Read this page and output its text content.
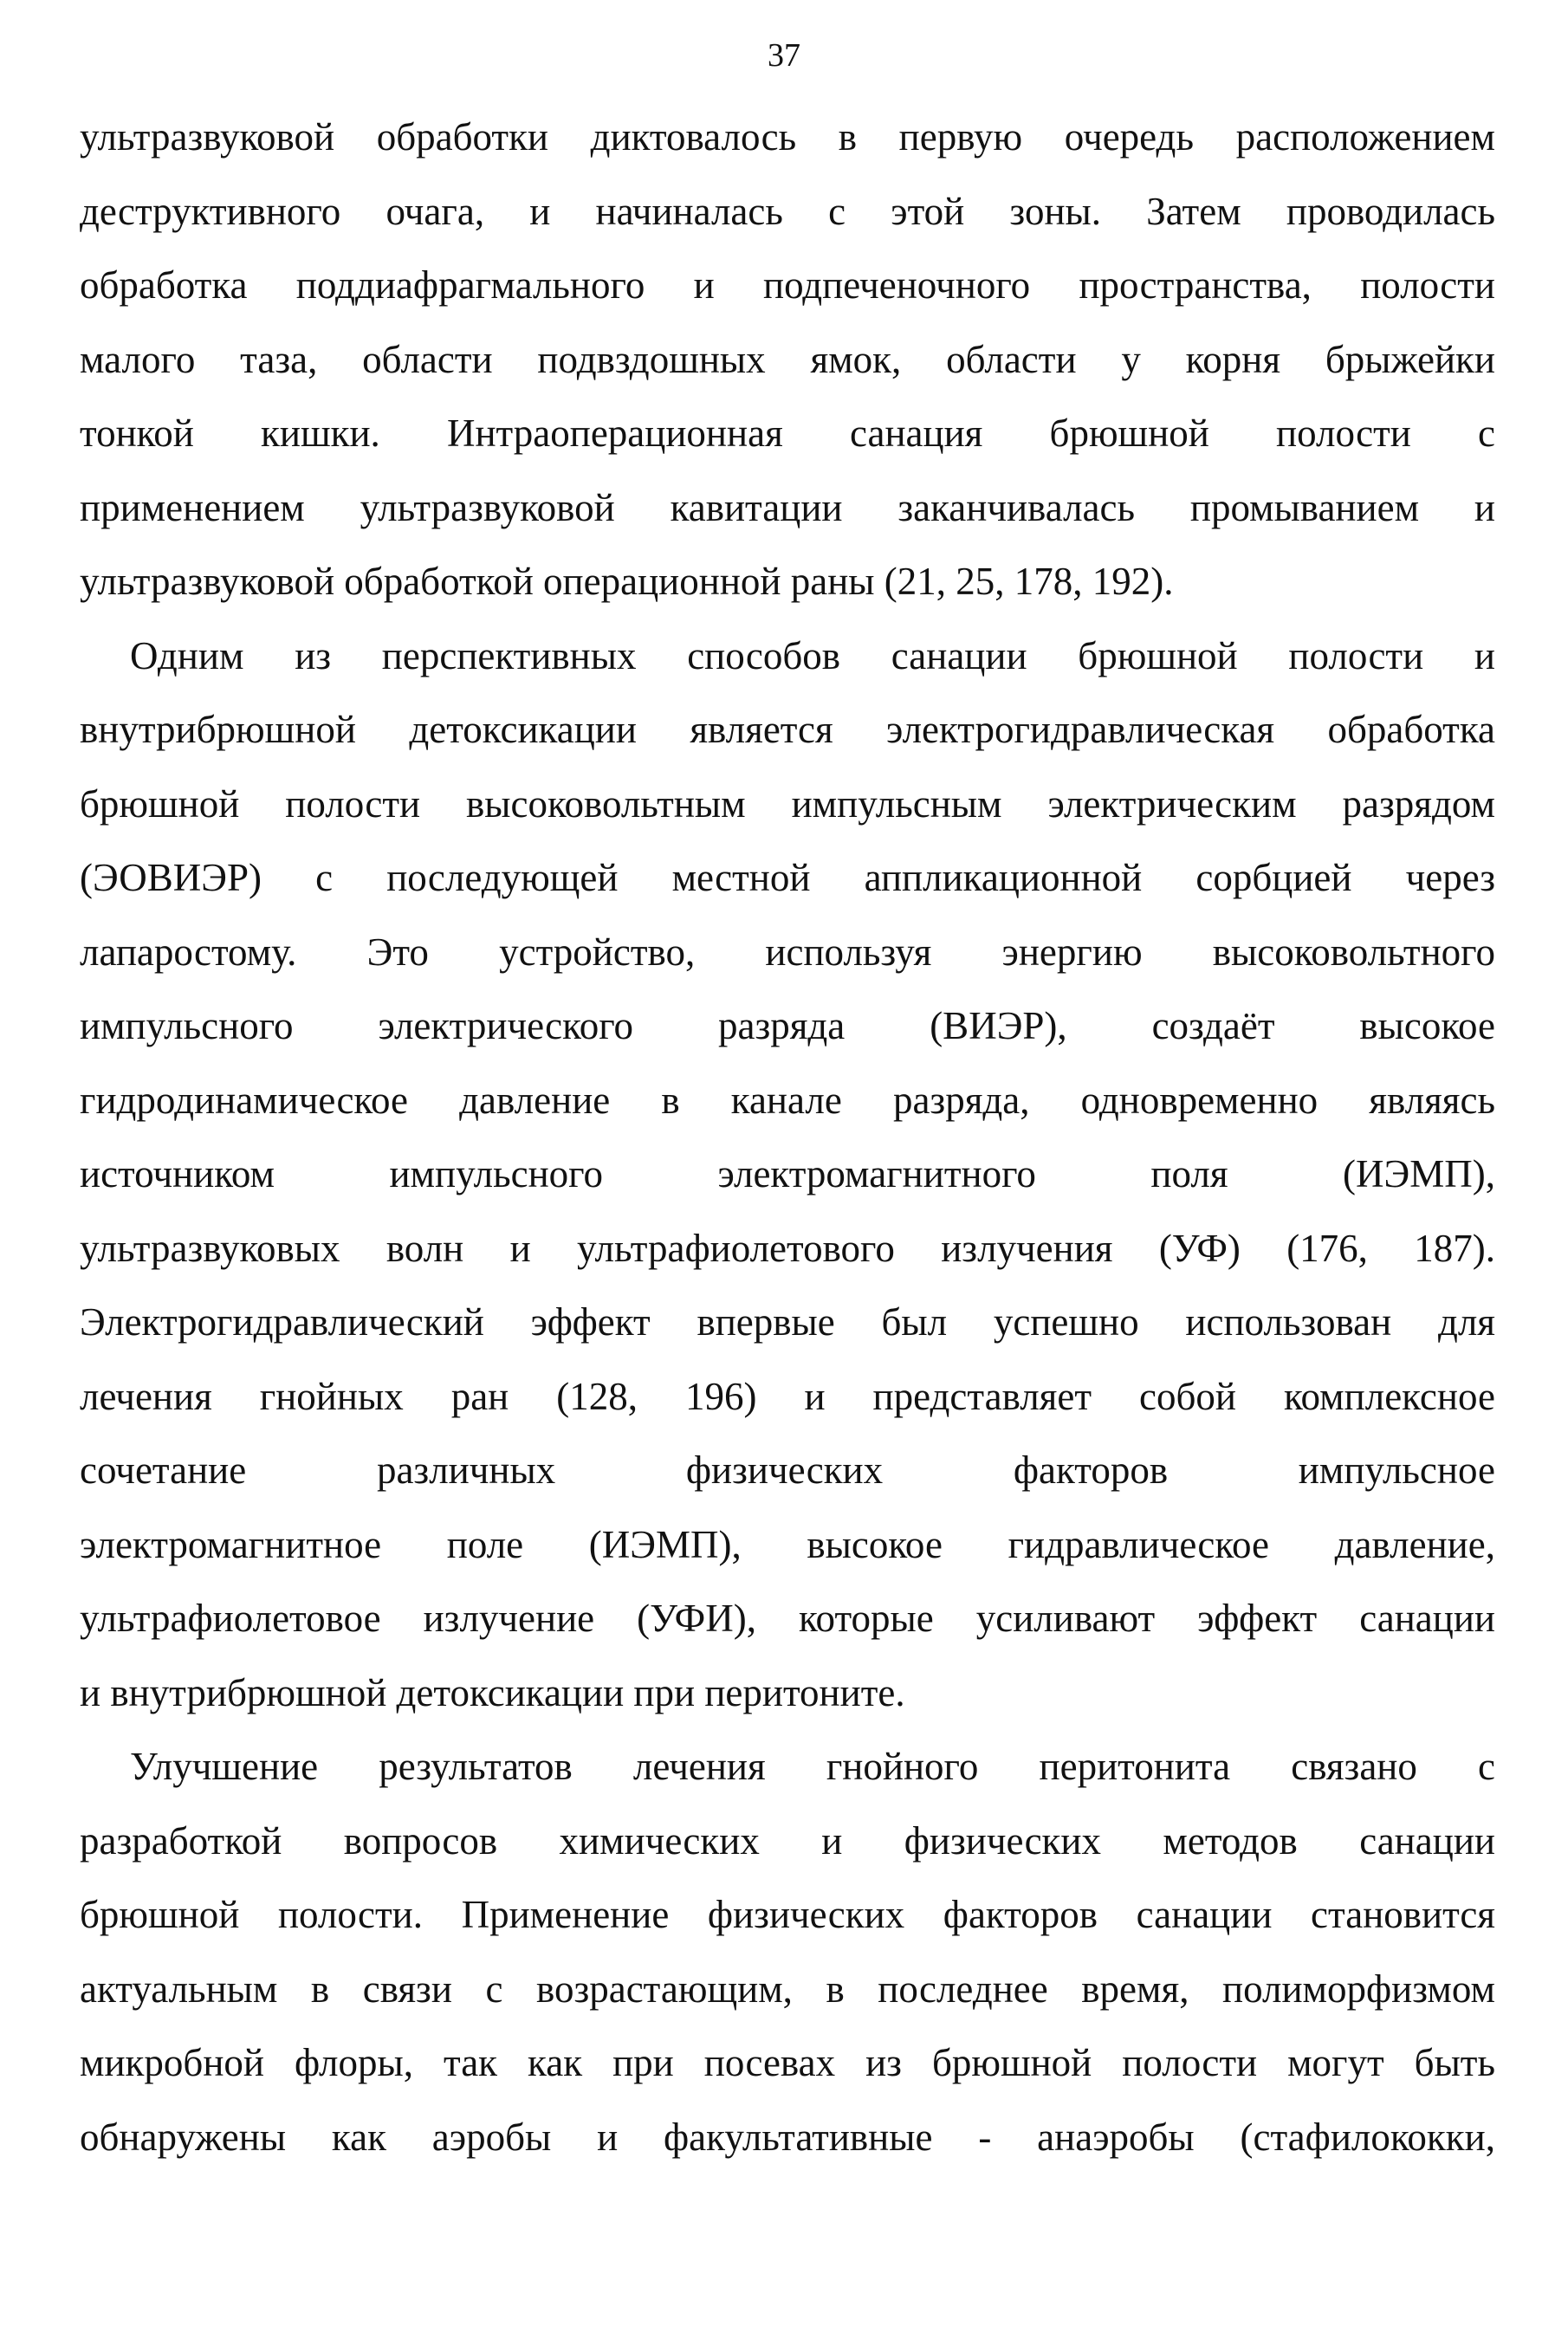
37
ультразвуковой обработки диктовалось в первую очередь расположением
деструктивного очага, и начиналась с этой зоны. Затем проводилась
обработка поддиафрагмального и подпеченочного пространства, полости
малого таза, области подвздошных ямок, области у корня брыжейки
тонкой кишки. Интраоперационная санация брюшной полости с
применением ультразвуковой кавитации заканчивалась промыванием и
ультразвуковой обработкой операционной раны (21, 25, 178, 192).
Одним из перспективных способов санации брюшной полости и
внутрибрюшной детоксикации является электрогидравлическая обработка
брюшной полости высоковольтным импульсным электрическим разрядом
(ЭОВИЭР) с последующей местной аппликационной сорбцией через
лапаростому. Это устройство, используя энергию высоковольтного
импульсного электрического разряда (ВИЭР), создаёт высокое
гидродинамическое давление в канале разряда, одновременно являясь
источником импульсного электромагнитного поля (ИЭМП),
ультразвуковых волн и ультрафиолетового излучения (УФ) (176, 187).
Электрогидравлический эффект впервые был успешно использован для
лечения гнойных ран (128, 196) и представляет собой комплексное
сочетание различных физических факторов импульсное
электромагнитное поле (ИЭМП), высокое гидравлическое давление,
ультрафиолетовое излучение (УФИ), которые усиливают эффект санации
и внутрибрюшной детоксикации при перитоните.
Улучшение результатов лечения гнойного перитонита связано с
разработкой вопросов химических и физических методов санации
брюшной полости. Применение физических факторов санации становится
актуальным в связи с возрастающим, в последнее время, полиморфизмом
микробной флоры, так как при посевах из брюшной полости могут быть
обнаружены как аэробы и факультативные - анаэробы (стафилококки,
